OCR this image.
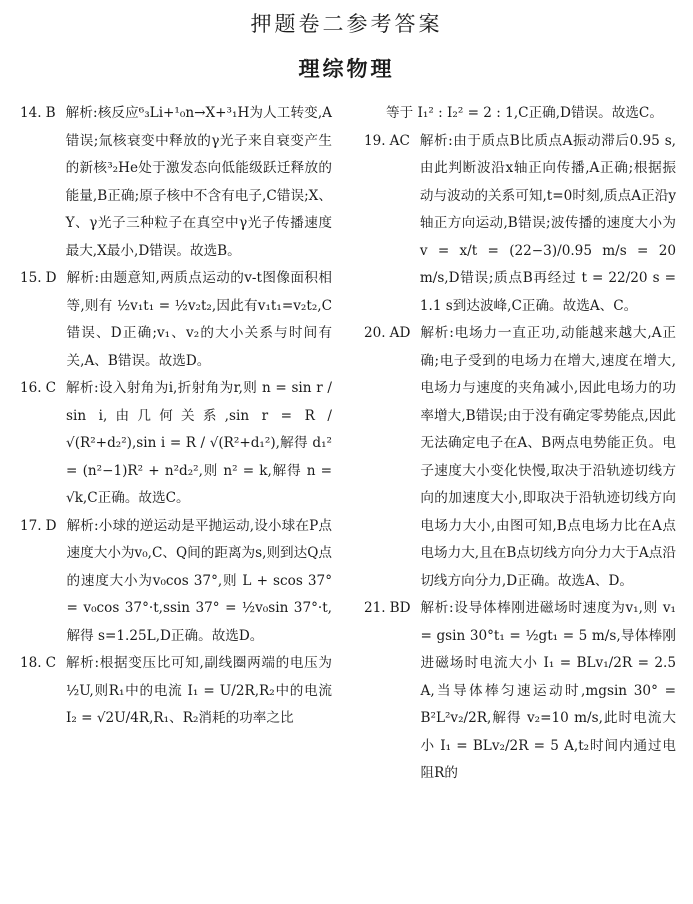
押题卷二参考答案
理综物理
14. B 解析:核反应⁶₃Li+¹₀n→X+³₁H为人工转变,A错误;氚核衰变中释放的γ光子来自衰变产生的新核³₂He处于激发态向低能级跃迁释放的能量,B正确;原子核中不含有电子,C错误;X、Y、γ光子三种粒子在真空中γ光子传播速度最大,X最小,D错误。故选B。
15. D 解析:由题意知,两质点运动的v-t图像面积相等,则有 ½v₁t₁ = ½v₂t₂,因此有v₁t₁=v₂t₂,C错误、D正确;v₁、v₂的大小关系与时间有关,A、B错误。故选D。
16. C 解析:设入射角为i,折射角为r,则 n = sin r / sin i,由几何关系,sin r = R / √(R²+d₂²),sin i = R / √(R²+d₁²),解得 d₁² = (n²−1)R² + n²d₂²,则 n² = k,解得 n = √k,C正确。故选C。
17. D 解析:小球的逆运动是平抛运动,设小球在P点速度大小为v₀,C、Q间的距离为s,则到达Q点的速度大小为v₀cos 37°,则 L + scos 37° = v₀cos 37°·t,ssin 37° = ½v₀sin 37°·t,解得 s=1.25L,D正确。故选D。
18. C 解析:根据变压比可知,副线圈两端的电压为½U,则R₁中的电流 I₁ = U/2R,R₂中的电流 I₂ = √2U/4R,R₁、R₂消耗的功率之比
等于 I₁² : I₂² = 2 : 1,C正确,D错误。故选C。
19. AC 解析:由于质点B比质点A振动滞后0.95 s,由此判断波沿x轴正向传播,A正确;根据振动与波动的关系可知,t=0时刻,质点A正沿y轴正方向运动,B错误;波传播的速度大小为 v = x/t = (22−3)/0.95 m/s = 20 m/s,D错误;质点B再经过 t = 22/20 s = 1.1 s到达波峰,C正确。故选A、C。
20. AD 解析:电场力一直正功,动能越来越大,A正确;电子受到的电场力在增大,速度在增大,电场力与速度的夹角减小,因此电场力的功率增大,B错误;由于没有确定零势能点,因此无法确定电子在A、B两点电势能正负。电子速度大小变化快慢,取决于沿轨迹切线方向的加速度大小,即取决于沿轨迹切线方向电场力大小,由图可知,B点电场力比在A点电场力大,且在B点切线方向分力大于A点沿切线方向分力,D正确。故选A、D。
21. BD 解析:设导体棒刚进磁场时速度为v₁,则 v₁ = gsin 30°t₁ = ½gt₁ = 5 m/s,导体棒刚进磁场时电流大小 I₁ = BLv₁/2R = 2.5 A,当导体棒匀速运动时,mgsin 30° = B²L²v₂/2R,解得 v₂=10 m/s,此时电流大小 I₁ = BLv₂/2R = 5 A,t₂时间内通过电阻R的
